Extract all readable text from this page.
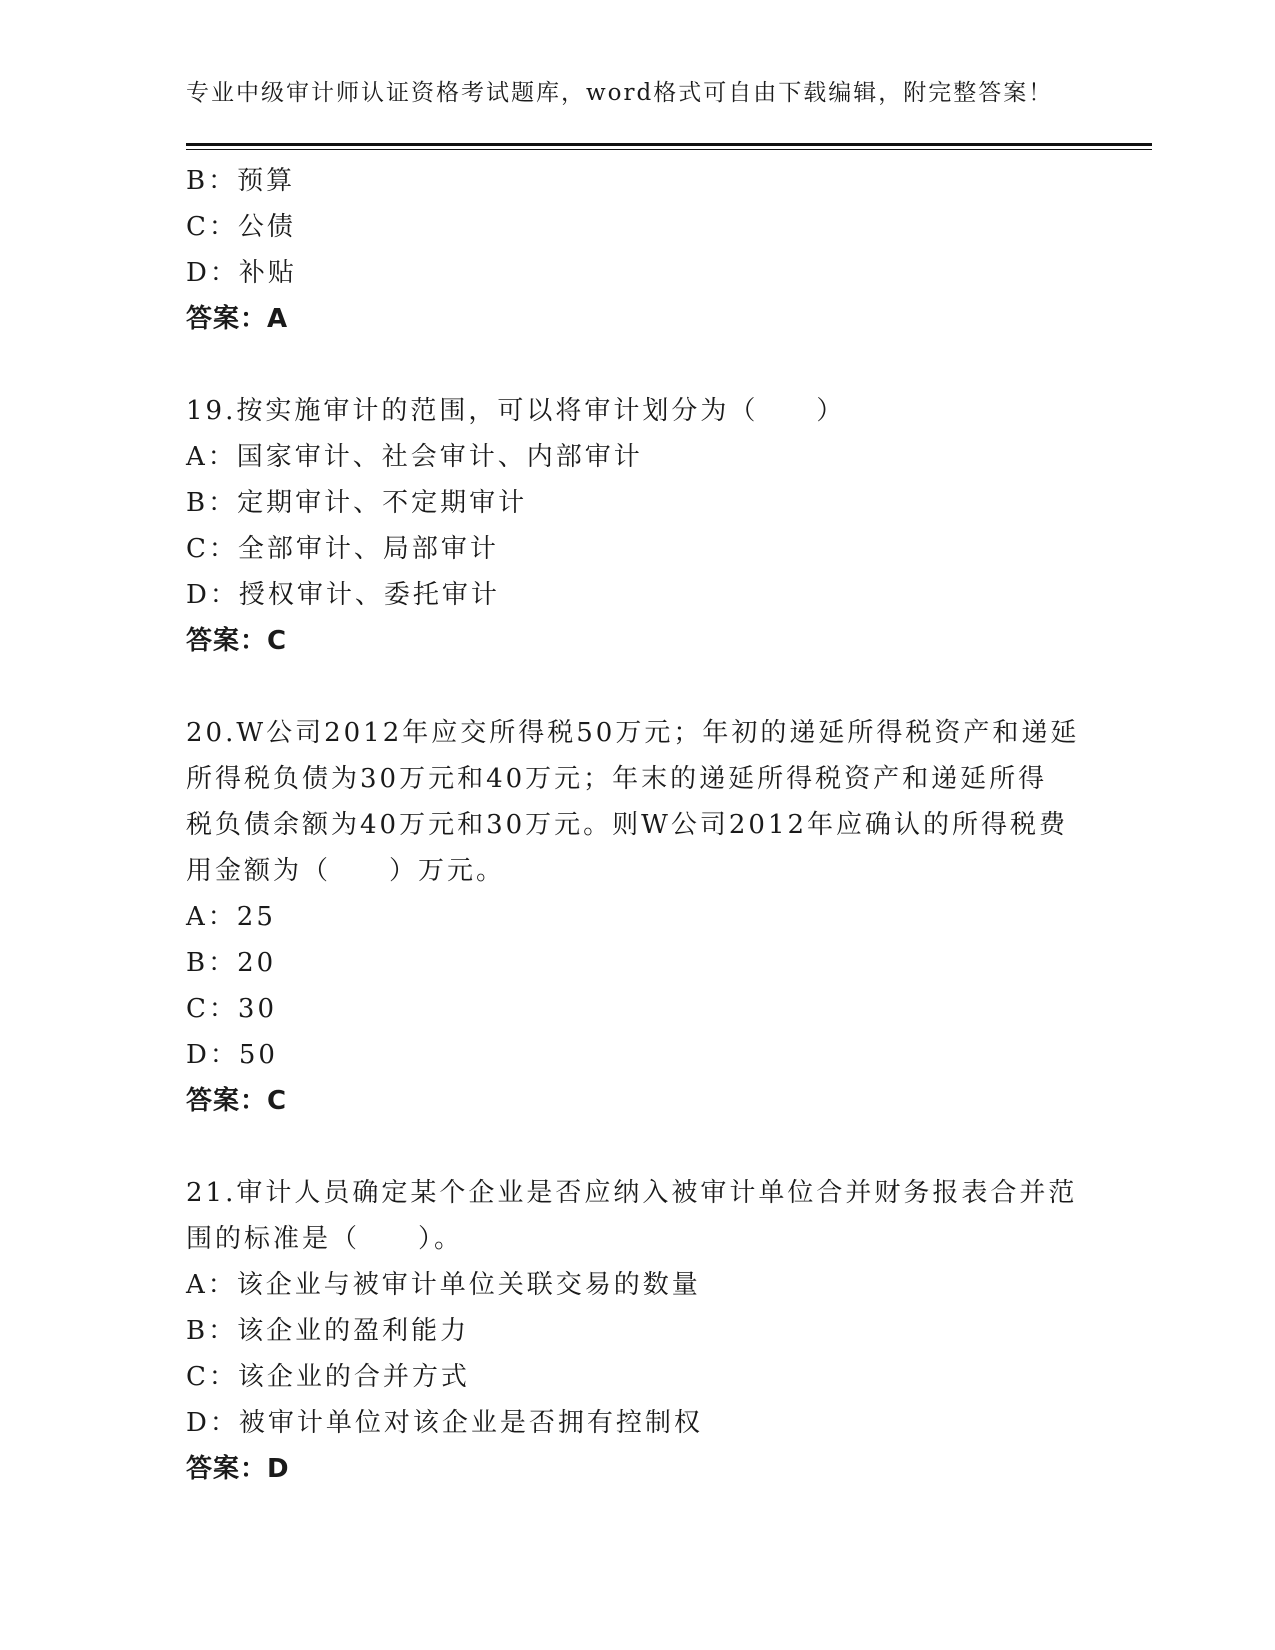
专业中级审计师认证资格考试题库，word格式可自由下载编辑，附完整答案！
B：预算
C：公债
D：补贴
答案：A
19.按实施审计的范围，可以将审计划分为（　　）
A：国家审计、社会审计、内部审计
B：定期审计、不定期审计
C：全部审计、局部审计
D：授权审计、委托审计
答案：C
20.W公司2012年应交所得税50万元；年初的递延所得税资产和递延
所得税负债为30万元和40万元；年末的递延所得税资产和递延所得
税负债余额为40万元和30万元。则W公司2012年应确认的所得税费
用金额为（　　）万元。
A：25
B：20
C：30
D：50
答案：C
21.审计人员确定某个企业是否应纳入被审计单位合并财务报表合并范
围的标准是（　　）。
A：该企业与被审计单位关联交易的数量
B：该企业的盈利能力
C：该企业的合并方式
D：被审计单位对该企业是否拥有控制权
答案：D
